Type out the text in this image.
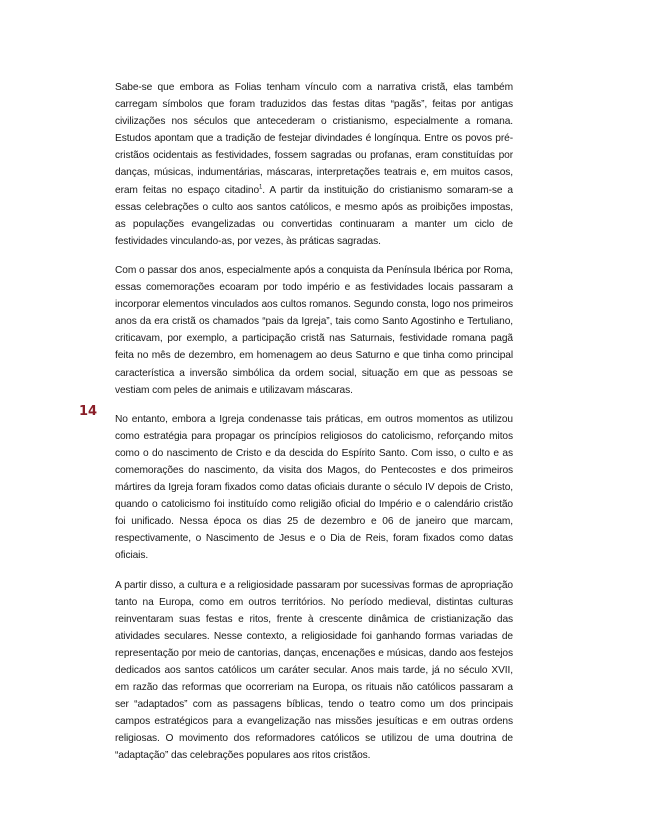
14

Sabe-se que embora as Folias tenham vínculo com a narrativa cristã, elas também carregam símbolos que foram traduzidos das festas ditas “pagãs”, feitas por antigas civilizações nos séculos que antecederam o cristianismo, especialmente a romana. Estudos apontam que a tradição de festejar divindades é longínqua. Entre os povos pré-cristãos ocidentais as festividades, fossem sagradas ou profanas, eram constituídas por danças, músicas, indumentárias, máscaras, interpretações teatrais e, em muitos casos, eram feitas no espaço citadino$^1$. A partir da instituição do cristianismo somaram-se a essas celebrações o culto aos santos católicos, e mesmo após as proibições impostas, as populações evangelizadas ou convertidas continuaram a manter um ciclo de festividades vinculando-as, por vezes, às práticas sagradas.

Com o passar dos anos, especialmente após a conquista da Península Ibérica por Roma, essas comemorações ecoaram por todo império e as festividades locais passaram a incorporar elementos vinculados aos cultos romanos. Segundo consta, logo nos primeiros anos da era cristã os chamados “pais da Igreja”, tais como Santo Agostinho e Tertuliano, criticavam, por exemplo, a participação cristã nas Saturnais, festividade romana pagã feita no mês de dezembro, em homenagem ao deus Saturno e que tinha como principal característica a inversão simbólica da ordem social, situação em que as pessoas se vestiam com peles de animais e utilizavam máscaras.

No entanto, embora a Igreja condenasse tais práticas, em outros momentos as utilizou como estratégia para propagar os princípios religiosos do catolicismo, reforçando mitos como o do nascimento de Cristo e da descida do Espírito Santo. Com isso, o culto e as comemorações do nascimento, da visita dos Magos, do Pentecostes e dos primeiros mártires da Igreja foram fixados como datas oficiais durante o século IV depois de Cristo, quando o catolicismo foi instituído como religião oficial do Império e o calendário cristão foi unificado. Nessa época os dias 25 de dezembro e 06 de janeiro que marcam, respectivamente, o Nascimento de Jesus e o Dia de Reis, foram fixados como datas oficiais.

A partir disso, a cultura e a religiosidade passaram por sucessivas formas de apropriação tanto na Europa, como em outros territórios. No período medieval, distintas culturas reinventaram suas festas e ritos, frente à crescente dinâmica de cristianização das atividades seculares. Nesse contexto, a religiosidade foi ganhando formas variadas de representação por meio de cantorias, danças, encenações e músicas, dando aos festejos dedicados aos santos católicos um caráter secular. Anos mais tarde, já no século XVII, em razão das reformas que ocorreriam na Europa, os rituais não católicos passaram a ser “adaptados” com as passagens bíblicas, tendo o teatro como um dos principais campos estratégicos para a evangelização nas missões jesuíticas e em outras ordens religiosas. O movimento dos reformadores católicos se utilizou de uma doutrina de “adaptação” das celebrações populares aos ritos cristãos.
